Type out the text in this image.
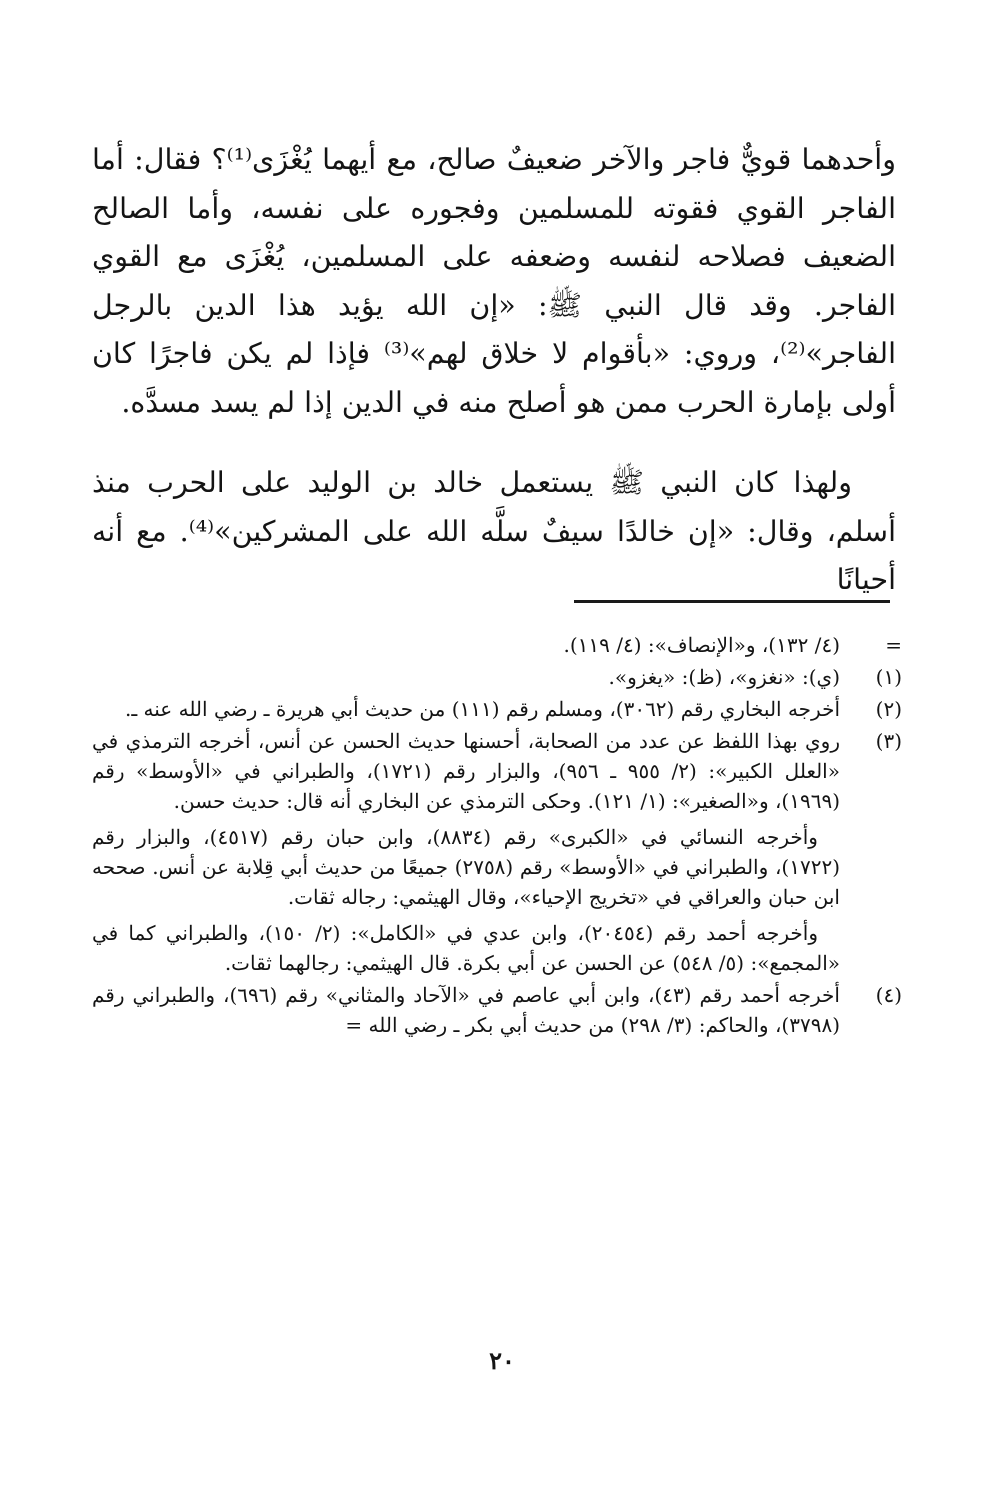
وأحدهما قويٌّ فاجر والآخر ضعيفٌ صالح، مع أيهما يُغْزَى⁽¹⁾؟ فقال: أما الفاجر القوي فقوته للمسلمين وفجوره على نفسه، وأما الصالح الضعيف فصلاحه لنفسه وضعفه على المسلمين، يُغْزَى مع القوي الفاجر. وقد قال النبي ﷺ: «إن الله يؤيد هذا الدين بالرجل الفاجر»⁽²⁾، وروي: «بأقوام لا خلاق لهم»⁽³⁾ فإذا لم يكن فاجرًا كان أولى بإمارة الحرب ممن هو أصلح منه في الدين إذا لم يسد مسدَّه.

ولهذا كان النبي ﷺ يستعمل خالد بن الوليد على الحرب منذ أسلم، وقال: «إن خالدًا سيفٌ سلَّه الله على المشركين»⁽⁴⁾. مع أنه أحيانًا

=

(٤/ ١٣٢)، و«الإنصاف»: (٤/ ١١٩).

(١)

(ي): «نغزو»، (ظ): «يغزو».

(٢)

أخرجه البخاري رقم (٣٠٦٢)، ومسلم رقم (١١١) من حديث أبي هريرة ـ رضي الله عنه ـ.

(٣)

روي بهذا اللفظ عن عدد من الصحابة، أحسنها حديث الحسن عن أنس، أخرجه الترمذي في «العلل الكبير»: (٢/ ٩٥٥ ـ ٩٥٦)، والبزار رقم (١٧٢١)، والطبراني في «الأوسط» رقم (١٩٦٩)، و«الصغير»: (١/ ١٢١). وحكى الترمذي عن البخاري أنه قال: حديث حسن.

وأخرجه النسائي في «الكبرى» رقم (٨٨٣٤)، وابن حبان رقم (٤٥١٧)، والبزار رقم (١٧٢٢)، والطبراني في «الأوسط» رقم (٢٧٥٨) جميعًا من حديث أبي قِلابة عن أنس. صححه ابن حبان والعراقي في «تخريج الإحياء»، وقال الهيثمي: رجاله ثقات.

وأخرجه أحمد رقم (٢٠٤٥٤)، وابن عدي في «الكامل»: (٢/ ١٥٠)، والطبراني كما في «المجمع»: (٥/ ٥٤٨) عن الحسن عن أبي بكرة. قال الهيثمي: رجالهما ثقات.

(٤)

أخرجه أحمد رقم (٤٣)، وابن أبي عاصم في «الآحاد والمثاني» رقم (٦٩٦)، والطبراني رقم (٣٧٩٨)، والحاكم: (٣/ ٢٩٨) من حديث أبي بكر ـ رضي الله =

٢٠
